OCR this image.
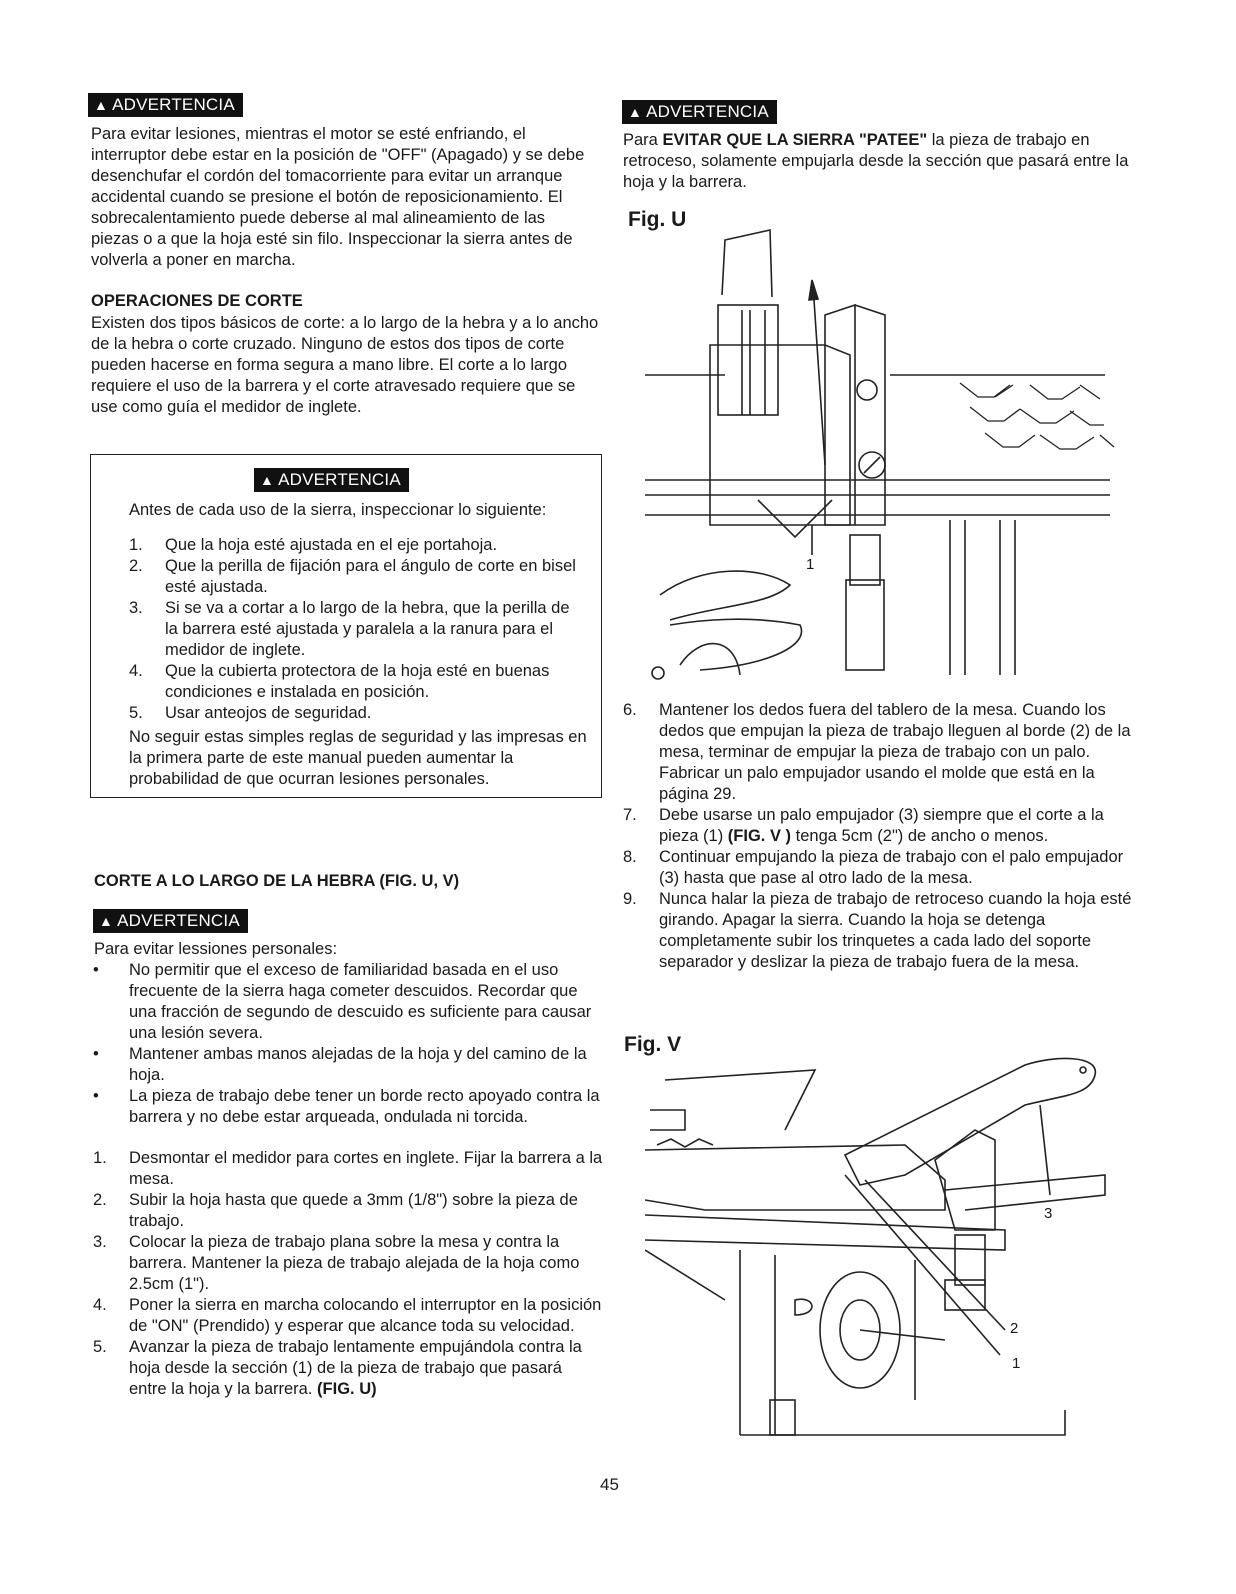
▲ ADVERTENCIA
Para evitar lesiones, mientras el motor se esté enfriando, el interruptor debe estar en la posición de "OFF" (Apagado) y se debe desenchufar el cordón del tomacorriente para evitar un arranque accidental cuando se presione el botón de reposicionamiento. El sobrecalentamiento puede deberse al mal alineamiento de las piezas o a que la hoja esté sin filo. Inspeccionar la sierra antes de volverla a poner en marcha.
OPERACIONES DE CORTE
Existen dos tipos básicos de corte: a lo largo de la hebra y a lo ancho de la hebra o corte cruzado. Ninguno de estos dos tipos de corte pueden hacerse en forma segura a mano libre. El corte a lo largo requiere el uso de la barrera y el corte atravesado requiere que se use como guía el medidor de inglete.
▲ ADVERTENCIA
Antes de cada uso de la sierra, inspeccionar lo siguiente:
1. Que la hoja esté ajustada en el eje portahoja.
2. Que la perilla de fijación para el ángulo de corte en bisel esté ajustada.
3. Si se va a cortar a lo largo de la hebra, que la perilla de la barrera esté ajustada y paralela a la ranura para el medidor de inglete.
4. Que la cubierta protectora de la hoja esté en buenas condiciones e instalada en posición.
5. Usar anteojos de seguridad.
No seguir estas simples reglas de seguridad y las impresas en la primera parte de este manual pueden aumentar la probabilidad de que ocurran lesiones personales.
CORTE A LO LARGO DE LA HEBRA (FIG. U, V)
▲ ADVERTENCIA
Para evitar lessiones personales:
• No permitir que el exceso de familiaridad basada en el uso frecuente de la sierra haga cometer descuidos. Recordar que una fracción de segundo de descuido es suficiente para causar una lesión severa.
• Mantener ambas manos alejadas de la hoja y del camino de la hoja.
• La pieza de trabajo debe tener un borde recto apoyado contra la barrera y no debe estar arqueada, ondulada ni torcida.
1. Desmontar el medidor para cortes en inglete. Fijar la barrera a la mesa.
2. Subir la hoja hasta que quede a 3mm (1/8") sobre la pieza de trabajo.
3. Colocar la pieza de trabajo plana sobre la mesa y contra la barrera. Mantener la pieza de trabajo alejada de la hoja como 2.5cm (1").
4. Poner la sierra en marcha colocando el interruptor en la posición de "ON" (Prendido) y esperar que alcance toda su velocidad.
5. Avanzar la pieza de trabajo lentamente empujándola contra la hoja desde la sección (1) de la pieza de trabajo que pasará entre la hoja y la barrera. (FIG. U)
▲ ADVERTENCIA
Para EVITAR QUE LA SIERRA "PATEE" la pieza de trabajo en retroceso, solamente empujarla desde la sección que pasará entre la hoja y la barrera.
Fig. U
1
6. Mantener los dedos fuera del tablero de la mesa. Cuando los dedos que empujan la pieza de trabajo lleguen al borde (2) de la mesa, terminar de empujar la pieza de trabajo con un palo. Fabricar un palo empujador usando el molde que está en la página 29.
7. Debe usarse un palo empujador (3) siempre que el corte a la pieza (1) (FIG. V ) tenga 5cm (2") de ancho o menos.
8. Continuar empujando la pieza de trabajo con el palo empujador (3) hasta que pase al otro lado de la mesa.
9. Nunca halar la pieza de trabajo de retroceso cuando la hoja esté girando. Apagar la sierra. Cuando la hoja se detenga completamente subir los trinquetes a cada lado del soporte separador y deslizar la pieza de trabajo fuera de la mesa.
Fig. V
3
2
1
45
